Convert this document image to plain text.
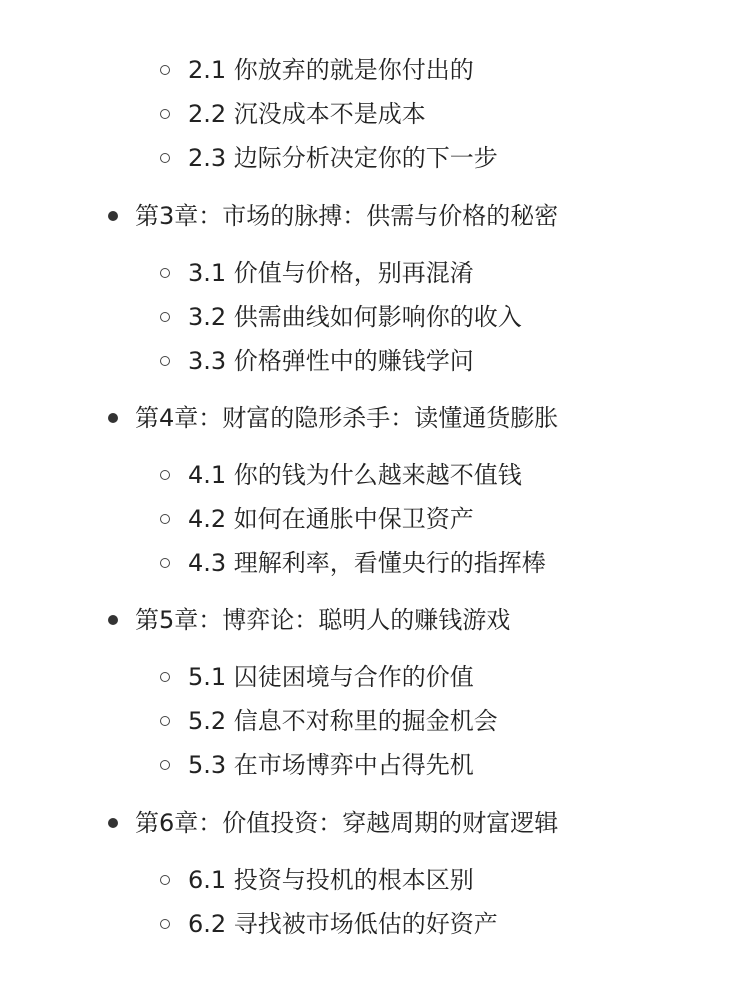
2.1 你放弃的就是你付出的
2.2 沉没成本不是成本
2.3 边际分析决定你的下一步
第3章：市场的脉搏：供需与价格的秘密
3.1 价值与价格，别再混淆
3.2 供需曲线如何影响你的收入
3.3 价格弹性中的赚钱学问
第4章：财富的隐形杀手：读懂通货膨胀
4.1 你的钱为什么越来越不值钱
4.2 如何在通胀中保卫资产
4.3 理解利率，看懂央行的指挥棒
第5章：博弈论：聪明人的赚钱游戏
5.1 囚徒困境与合作的价值
5.2 信息不对称里的掘金机会
5.3 在市场博弈中占得先机
第6章：价值投资：穿越周期的财富逻辑
6.1 投资与投机的根本区别
6.2 寻找被市场低估的好资产
